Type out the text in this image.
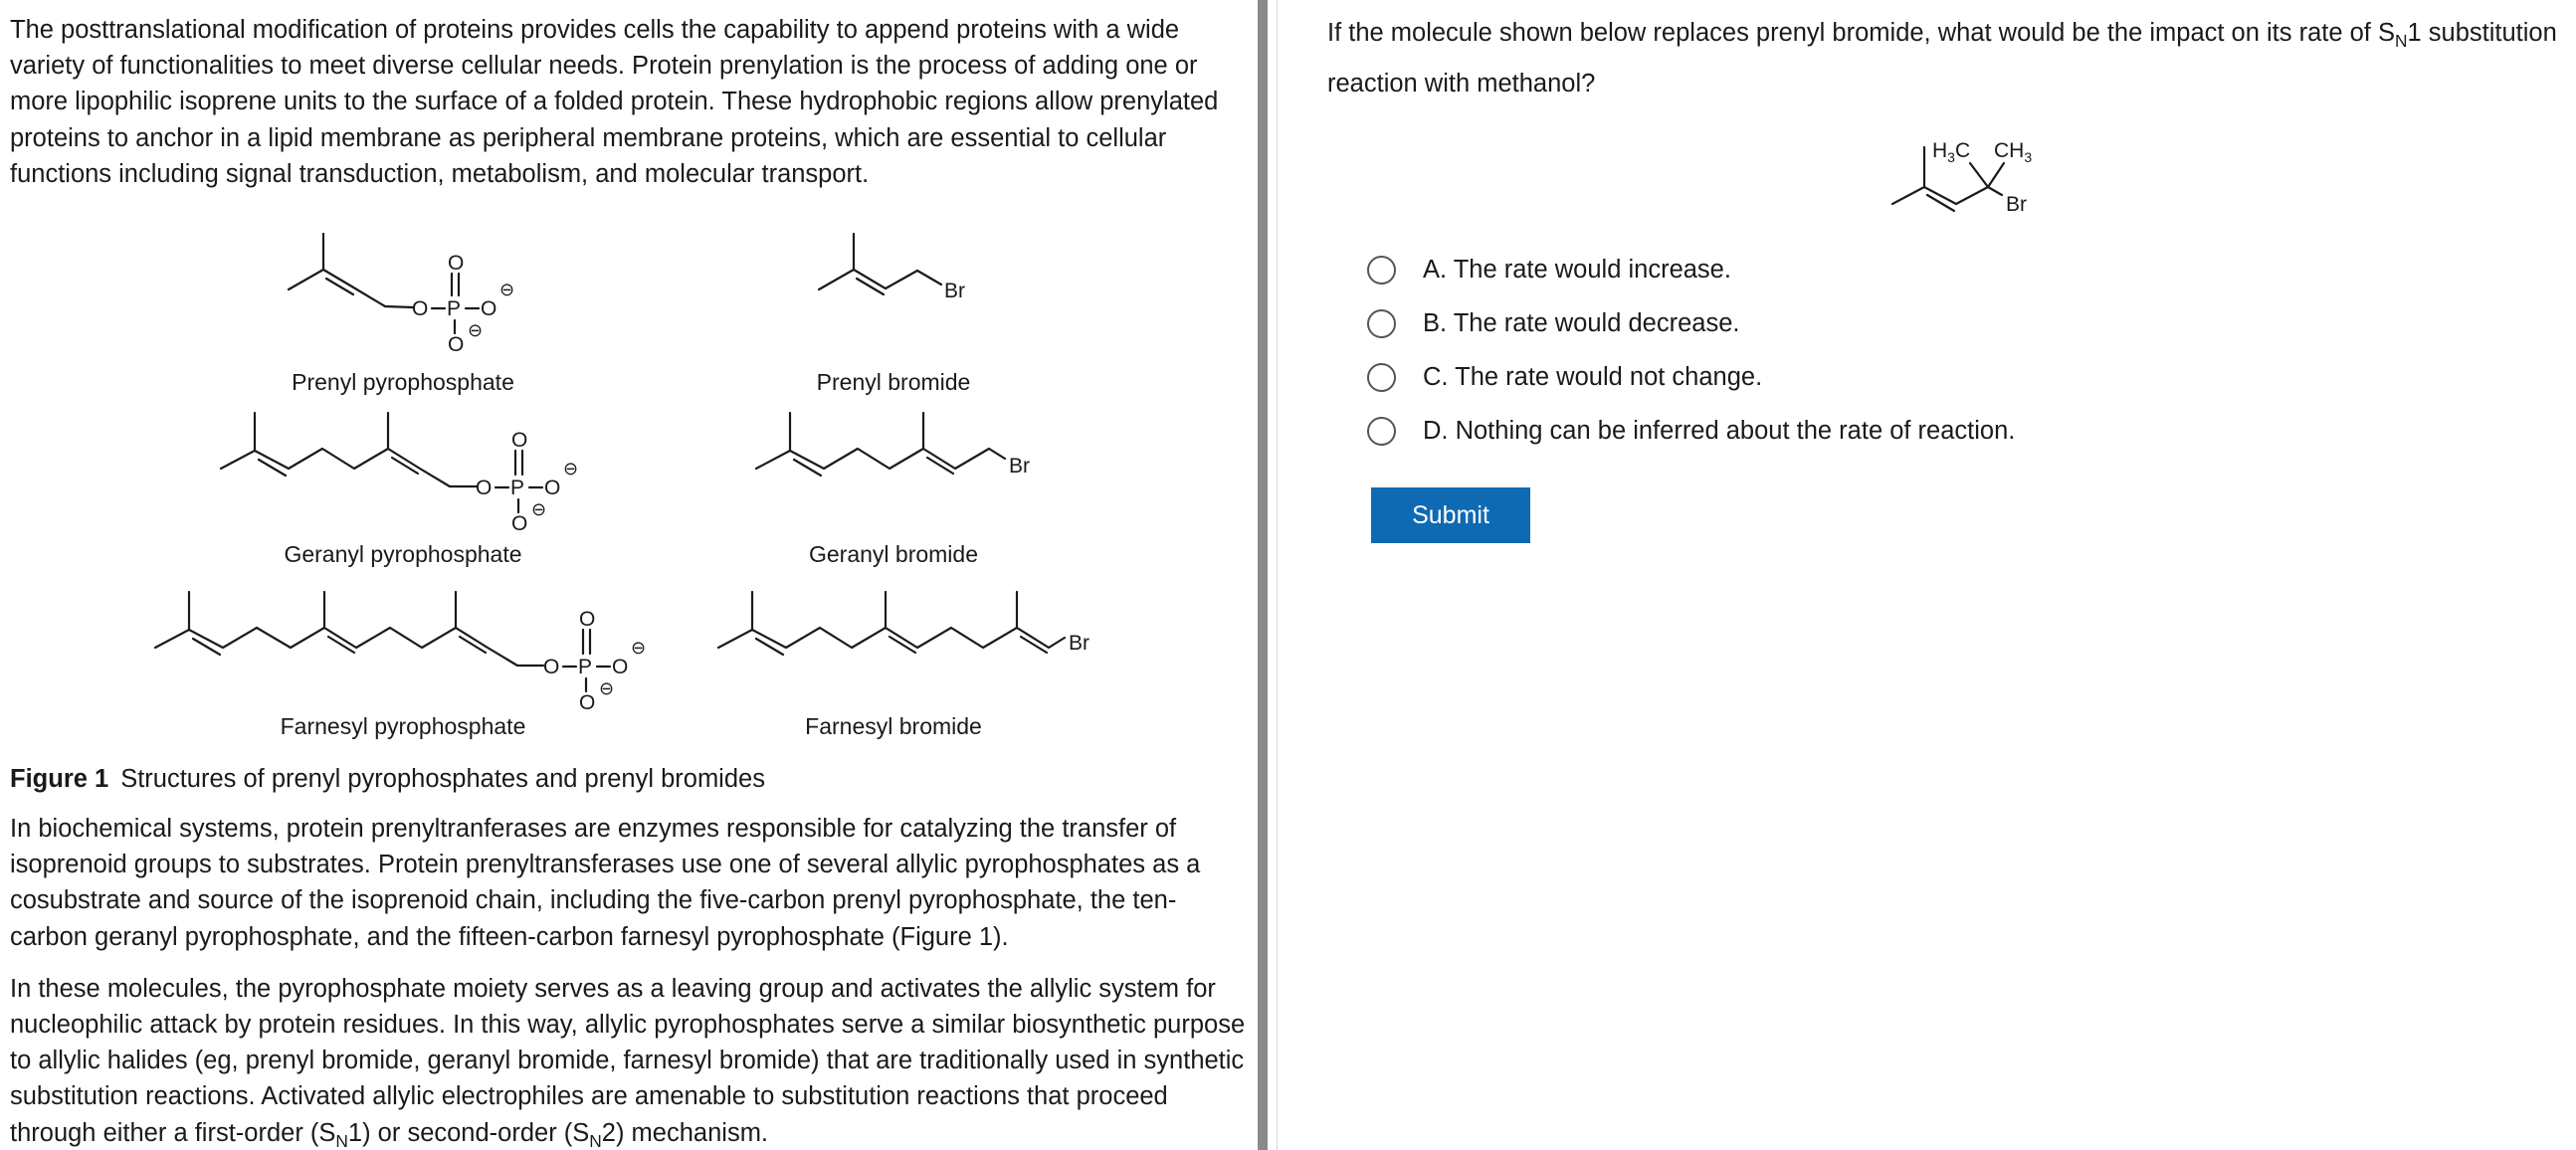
The posttranslational modification of proteins provides cells the capability to append proteins with a wide variety of functionalities to meet diverse cellular needs. Protein prenylation is the process of adding one or more lipophilic isoprene units to the surface of a folded protein. These hydrophobic regions allow prenylated proteins to anchor in a lipid membrane as peripheral membrane proteins, which are essential to cellular functions including signal transduction, metabolism, and molecular transport.

O P
O
O
⊖
O
⊖
Br
O P
O
O
⊖
O
⊖
Br
O P
O
O
⊖
O
⊖
Br
Prenyl pyrophosphate	Prenyl bromide
Geranyl pyrophosphate	Geranyl bromide
Farnesyl pyrophosphate	Farnesyl bromide
Figure 1 Structures of prenyl pyrophosphates and prenyl bromides

In biochemical systems, protein prenyltranferases are enzymes responsible for catalyzing the transfer of isoprenoid groups to substrates. Protein prenyltransferases use one of several allylic pyrophosphates as a cosubstrate and source of the isoprenoid chain, including the five-carbon prenyl pyrophosphate, the ten-carbon geranyl pyrophosphate, and the fifteen-carbon farnesyl pyrophosphate (Figure 1).

In these molecules, the pyrophosphate moiety serves as a leaving group and activates the allylic system for nucleophilic attack by protein residues. In this way, allylic pyrophosphates serve a similar biosynthetic purpose to allylic halides (eg, prenyl bromide, geranyl bromide, farnesyl bromide) that are traditionally used in synthetic substitution reactions. Activated allylic electrophiles are amenable to substitution reactions that proceed through either a first-order $(S_N1)$ or second-order $(S_N2)$ mechanism.

If the molecule shown below replaces prenyl bromide, what would be the impact on its rate of $S_N1$ substitution reaction with methanol?

$H_3C$ $CH_3$
Br
A. The rate would increase.
B. The rate would decrease.
C. The rate would not change.
D. Nothing can be inferred about the rate of reaction.
Submit
